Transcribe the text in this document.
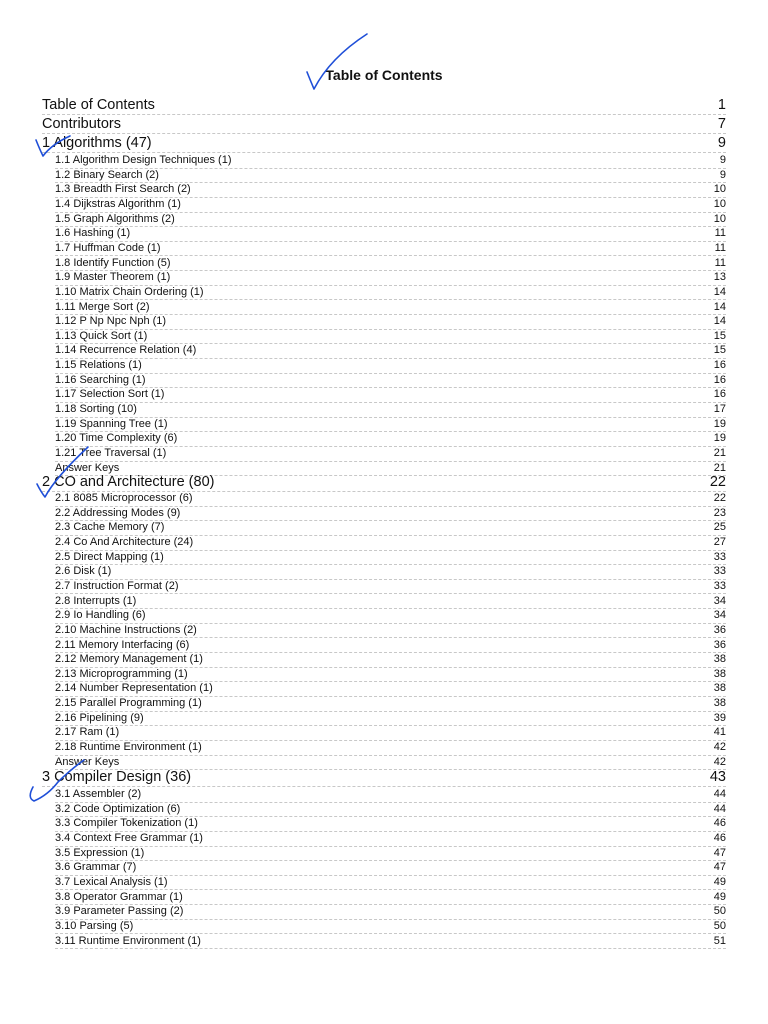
Table of Contents
Table of Contents	1
Contributors	7
1 Algorithms (47)	9
1.1 Algorithm Design Techniques (1)	9
1.2 Binary Search (2)	9
1.3 Breadth First Search (2)	10
1.4 Dijkstras Algorithm (1)	10
1.5 Graph Algorithms (2)	10
1.6 Hashing (1)	11
1.7 Huffman Code (1)	11
1.8 Identify Function (5)	11
1.9 Master Theorem (1)	13
1.10 Matrix Chain Ordering (1)	14
1.11 Merge Sort (2)	14
1.12 P Np Npc Nph (1)	14
1.13 Quick Sort (1)	15
1.14 Recurrence Relation (4)	15
1.15 Relations (1)	16
1.16 Searching (1)	16
1.17 Selection Sort (1)	16
1.18 Sorting (10)	17
1.19 Spanning Tree (1)	19
1.20 Time Complexity (6)	19
1.21 Tree Traversal (1)	21
Answer Keys	21
2 CO and Architecture (80)	22
2.1 8085 Microprocessor (6)	22
2.2 Addressing Modes (9)	23
2.3 Cache Memory (7)	25
2.4 Co And Architecture (24)	27
2.5 Direct Mapping (1)	33
2.6 Disk (1)	33
2.7 Instruction Format (2)	33
2.8 Interrupts (1)	34
2.9 Io Handling (6)	34
2.10 Machine Instructions (2)	36
2.11 Memory Interfacing (6)	36
2.12 Memory Management (1)	38
2.13 Microprogramming (1)	38
2.14 Number Representation (1)	38
2.15 Parallel Programming (1)	38
2.16 Pipelining (9)	39
2.17 Ram (1)	41
2.18 Runtime Environment (1)	42
Answer Keys	42
3 Compiler Design (36)	43
3.1 Assembler (2)	44
3.2 Code Optimization (6)	44
3.3 Compiler Tokenization (1)	46
3.4 Context Free Grammar (1)	46
3.5 Expression (1)	47
3.6 Grammar (7)	47
3.7 Lexical Analysis (1)	49
3.8 Operator Grammar (1)	49
3.9 Parameter Passing (2)	50
3.10 Parsing (5)	50
3.11 Runtime Environment (1)	51
